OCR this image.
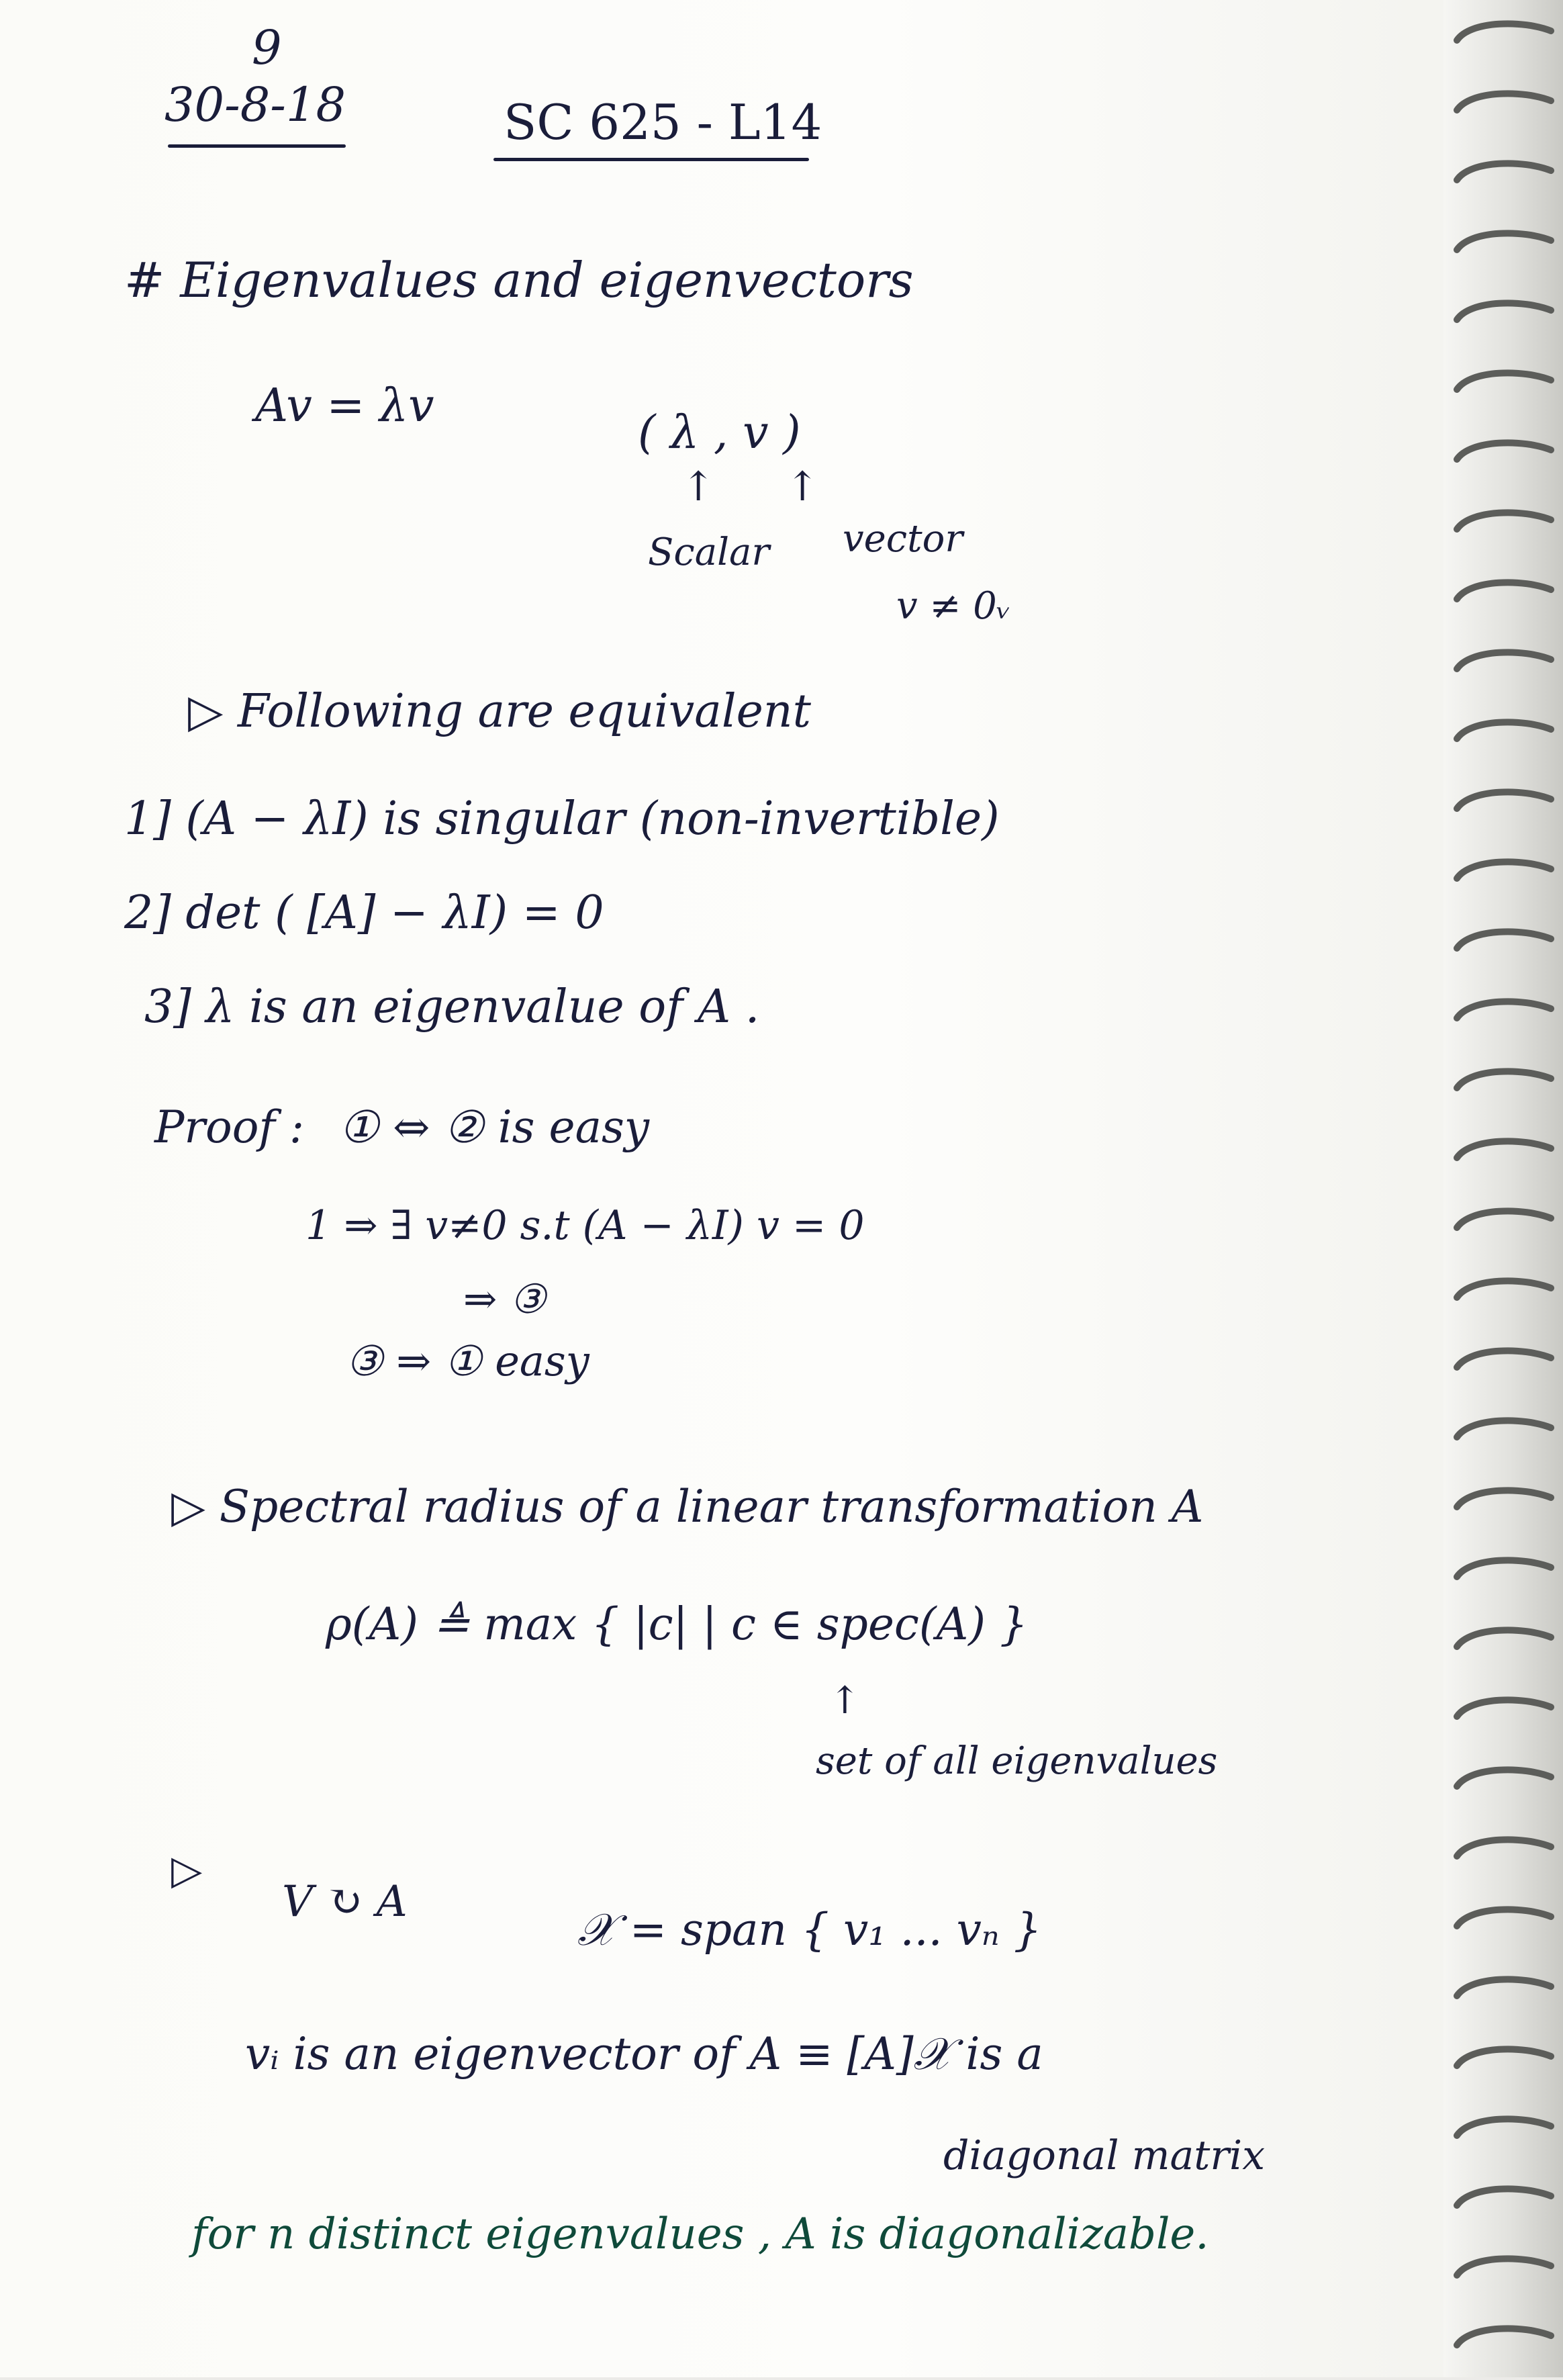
9
30-8-18	SC 625 - L14
# Eigenvalues and eigenvectors
Av = λv
( λ , v )
↑ ↑
Scalar vector
v ≠ 0ᵥ
▷ Following are equivalent
1] (A − λI) is singular (non-invertible)
2] det ( [A] − λI) = 0
3] λ is an eigenvalue of A .
Proof : ① ⇔ ② is easy
1 ⇒ ∃ v≠0 s.t (A − λI) v = 0
⇒ ③
③ ⇒ ① easy
▷ Spectral radius of a linear transformation A
ρ(A) ≜ max { |c| | c ∈ spec(A) }
↑
set of all eigenvalues
▷
V ↻ A
𝒳 = span { v₁ ... vₙ }
vᵢ is an eigenvector of A ≡ [A]𝒳 is a
diagonal matrix
for n distinct eigenvalues , A is diagonalizable.
